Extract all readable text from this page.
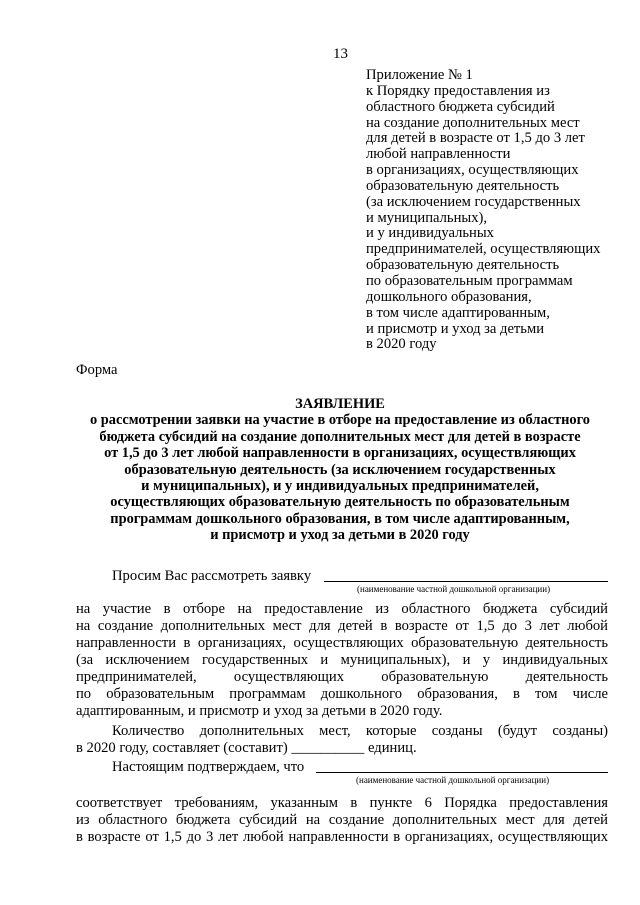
13
Приложение № 1
к Порядку предоставления из
областного бюджета субсидий
на создание дополнительных мест
для детей в возрасте от 1,5 до 3 лет
любой направленности
в организациях, осуществляющих
образовательную деятельность
(за исключением государственных
и муниципальных),
и у индивидуальных
предпринимателей, осуществляющих
образовательную деятельность
по образовательным программам
дошкольного образования,
в том числе адаптированным,
и присмотр и уход за детьми
в 2020 году
Форма
ЗАЯВЛЕНИЕ
о рассмотрении заявки на участие в отборе на предоставление из областного
бюджета субсидий на создание дополнительных мест для детей в возрасте
от 1,5 до 3 лет любой направленности в организациях, осуществляющих
образовательную деятельность (за исключением государственных
и муниципальных), и у индивидуальных предпринимателей,
осуществляющих образовательную деятельность по образовательным
программам дошкольного образования, в том числе адаптированным,
и присмотр и уход за детьми в 2020 году
Просим Вас рассмотреть заявку
(наименование частной дошкольной организации)
на участие в отборе на предоставление из областного бюджета субсидий
на создание дополнительных мест для детей в возрасте от 1,5 до 3 лет любой
направленности в организациях, осуществляющих образовательную деятельность
(за исключением государственных и муниципальных), и у индивидуальных
предпринимателей, осуществляющих образовательную деятельность
по образовательным программам дошкольного образования, в том числе
адаптированным, и присмотр и уход за детьми в 2020 году.
Количество дополнительных мест, которые созданы (будут созданы)
в 2020 году, составляет (составит) __________ единиц.
Настоящим подтверждаем, что
(наименование частной дошкольной организации)
соответствует требованиям, указанным в пункте 6 Порядка предоставления
из областного бюджета субсидий на создание дополнительных мест для детей
в возрасте от 1,5 до 3 лет любой направленности в организациях, осуществляющих
